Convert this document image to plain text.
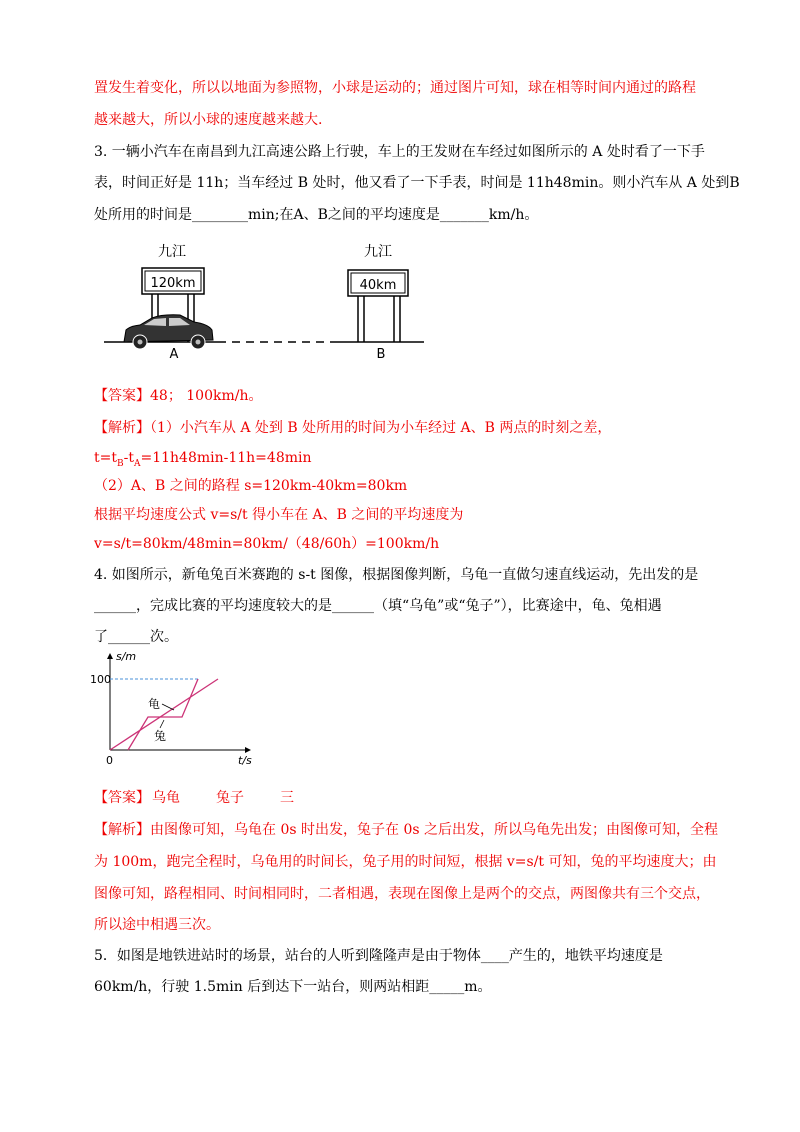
置发生着变化，所以以地面为参照物，小球是运动的；通过图片可知，球在相等时间内通过的路程
越来越大，所以小球的速度越来越大.
3. 一辆小汽车在南昌到九江高速公路上行驶，车上的王发财在车经过如图所示的 A 处时看了一下手
表，时间正好是 11h；当车经过 B 处时，他又看了一下手表，时间是 11h48min。则小汽车从 A 处到B
处所用的时间是________min;在A、B之间的平均速度是_______km/h。
九江
120km
九江
40km
A	B
【答案】48； 100km/h。
【解析】（1）小汽车从 A 处到 B 处所用的时间为小车经过 A、B 两点的时刻之差，
$t=t_B-t_A=11h48\min-11h=48\min$
（2）A、B 之间的路程 s=120km-40km=80km
根据平均速度公式 v=s/t 得小车在 A、B 之间的平均速度为
v=s/t=80km/48min=80km/（48/60h）=100km/h
4. 如图所示，新龟兔百米赛跑的 s-t 图像，根据图像判断，乌龟一直做匀速直线运动，先出发的是
______，完成比赛的平均速度较大的是______（填“乌龟”或“兔子”），比赛途中，龟、兔相遇
了______次。
s/m
t/s
100
0
龟
兔
【答案】 乌龟	兔子	三
【解析】由图像可知，乌龟在 0s 时出发，兔子在 0s 之后出发，所以乌龟先出发；由图像可知，全程
为 100m，跑完全程时，乌龟用的时间长，兔子用的时间短，根据 v=s/t 可知，兔的平均速度大；由
图像可知，路程相同、时间相同时，二者相遇，表现在图像上是两个的交点，两图像共有三个交点，
所以途中相遇三次。
5．如图是地铁进站时的场景，站台的人听到隆隆声是由于物体____产生的，地铁平均速度是
60km/h，行驶 1.5min 后到达下一站台，则两站相距_____m。
